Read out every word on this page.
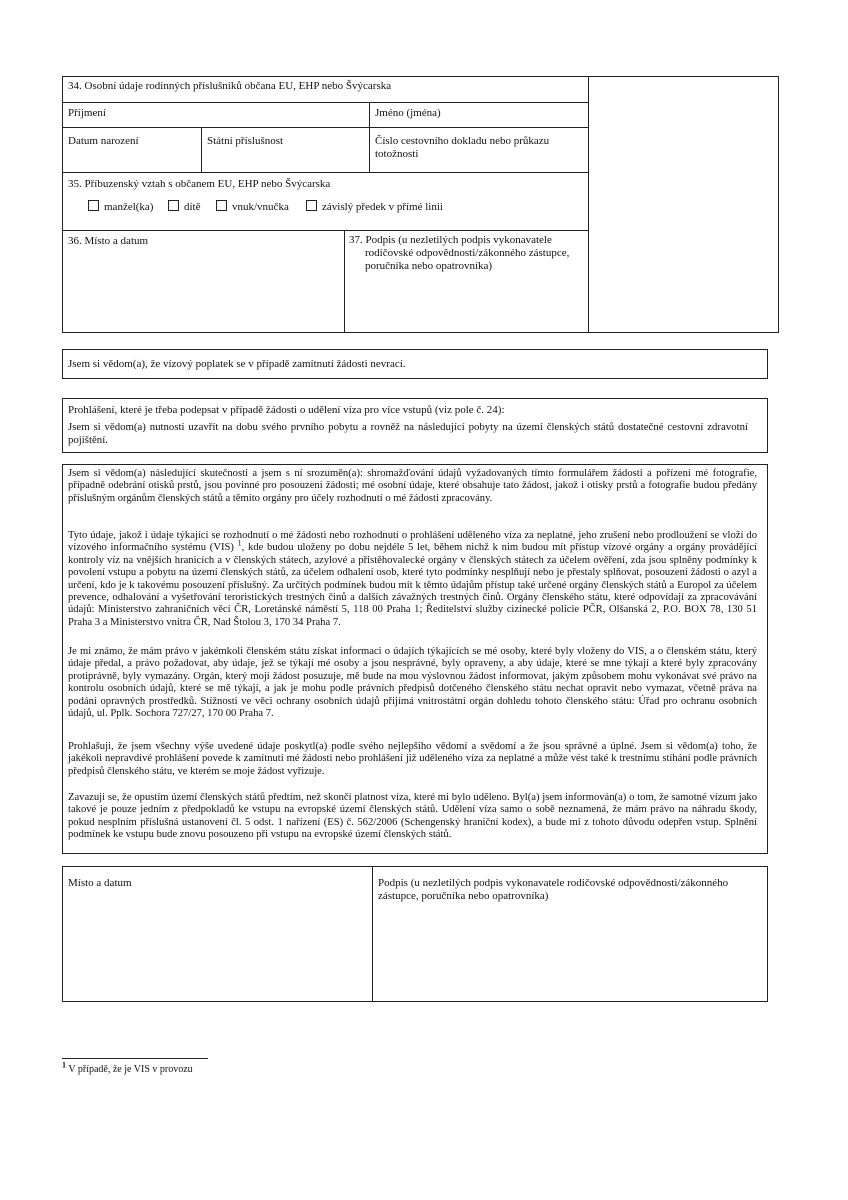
34. Osobní údaje rodinných příslušníků občana EU, EHP nebo Švýcarska
Příjmení	Jméno (jména)
Datum narození	Státní příslušnost	Číslo cestovního dokladu nebo průkazu
totožnosti
35. Příbuzenský vztah s občanem EU, EHP nebo Švýcarska
manžel(ka)	dítě	vnuk/vnučka	závislý předek v přímé linii
36. Místo a datum	37. Podpis (u nezletilých podpis vykonavatele
rodičovské odpovědnosti/zákonného zástupce,
poručníka nebo opatrovníka)
Jsem si vědom(a), že vízový poplatek se v případě zamítnutí žádosti nevrací.
Prohlášení, které je třeba podepsat v případě žádosti o udělení víza pro více vstupů (viz pole č. 24):
Jsem si vědom(a) nutnosti uzavřít na dobu svého prvního pobytu a rovněž na následující pobyty na území členských států dostatečné cestovní zdravotní pojištění.
Jsem si vědom(a) následující skutečnosti a jsem s ní srozuměn(a): shromažďování údajů vyžadovaných tímto formulářem žádosti a pořízení mé fotografie, případně odebrání otisků prstů, jsou povinné pro posouzení žádosti; mé osobní údaje, které obsahuje tato žádost, jakož i otisky prstů a fotografie budou předány příslušným orgánům členských států a těmito orgány pro účely rozhodnutí o mé žádosti zpracovány.
Tyto údaje, jakož i údaje týkající se rozhodnutí o mé žádosti nebo rozhodnutí o prohlášení uděleného víza za neplatné, jeho zrušení nebo prodloužení se vloží do vízového informačního systému (VIS) $^1$, kde budou uloženy po dobu nejdéle 5 let, během nichž k nim budou mít přístup vízové orgány a orgány provádějící kontroly víz na vnějších hranicích a v členských státech, azylové a přistěhovalecké orgány v členských státech za účelem ověření, zda jsou splněny podmínky k povolení vstupu a pobytu na území členských států, za účelem odhalení osob, které tyto podmínky nesplňují nebo je přestaly splňovat, posouzení žádosti o azyl a určení, kdo je k takovému posouzení příslušný. Za určitých podmínek budou mít k těmto údajům přístup také určené orgány členských států a Europol za účelem prevence, odhalování a vyšetřování teroristických trestných činů a dalších závažných trestných činů. Orgány členského státu, které odpovídají za zpracovávání údajů: Ministerstvo zahraničních věcí ČR, Loretánské náměstí 5, 118 00 Praha 1; Ředitelství služby cizinecké policie PČR, Olšanská 2, P.O. BOX 78, 130 51 Praha 3 a Ministerstvo vnitra ČR, Nad Štolou 3, 170 34 Praha 7.
Je mi známo, že mám právo v jakémkoli členském státu získat informaci o údajích týkajících se mé osoby, které byly vloženy do VIS, a o členském státu, který údaje předal, a právo požadovat, aby údaje, jež se týkají mé osoby a jsou nesprávné, byly opraveny, a aby údaje, které se mne týkají a které byly zpracovány protiprávně, byly vymazány. Orgán, který moji žádost posuzuje, mě bude na mou výslovnou žádost informovat, jakým způsobem mohu vykonávat své právo na kontrolu osobních údajů, které se mě týkají, a jak je mohu podle právních předpisů dotčeného členského státu nechat opravit nebo vymazat, včetně práva na podání opravných prostředků. Stížnosti ve věci ochrany osobních údajů přijímá vnitrostátní orgán dohledu tohoto členského státu: Úřad pro ochranu osobních údajů, ul. Pplk. Sochora 727/27, 170 00 Praha 7.
Prohlašuji, že jsem všechny výše uvedené údaje poskytl(a) podle svého nejlepšího vědomí a svědomí a že jsou správné a úplné. Jsem si vědom(a) toho, že jakékoli nepravdivé prohlášení povede k zamítnutí mé žádosti nebo prohlášení již uděleného víza za neplatné a může vést také k trestnímu stíhání podle právních předpisů členského státu, ve kterém se moje žádost vyřizuje.
Zavazuji se, že opustím území členských států předtím, než skončí platnost víza, které mi bylo uděleno. Byl(a) jsem informován(a) o tom, že samotné vízum jako takové je pouze jedním z předpokladů ke vstupu na evropské území členských států. Udělení víza samo o sobě neznamená, že mám právo na náhradu škody, pokud nesplním příslušná ustanovení čl. 5 odst. 1 nařízení (ES) č. 562/2006 (Schengenský hraniční kodex), a bude mi z tohoto důvodu odepřen vstup. Splnění podmínek ke vstupu bude znovu posouzeno při vstupu na evropské území členských států.
Místo a datum	Podpis (u nezletilých podpis vykonavatele rodičovské odpovědnosti/zákonného
zástupce, poručníka nebo opatrovníka)
$^1$ V případě, že je VIS v provozu
